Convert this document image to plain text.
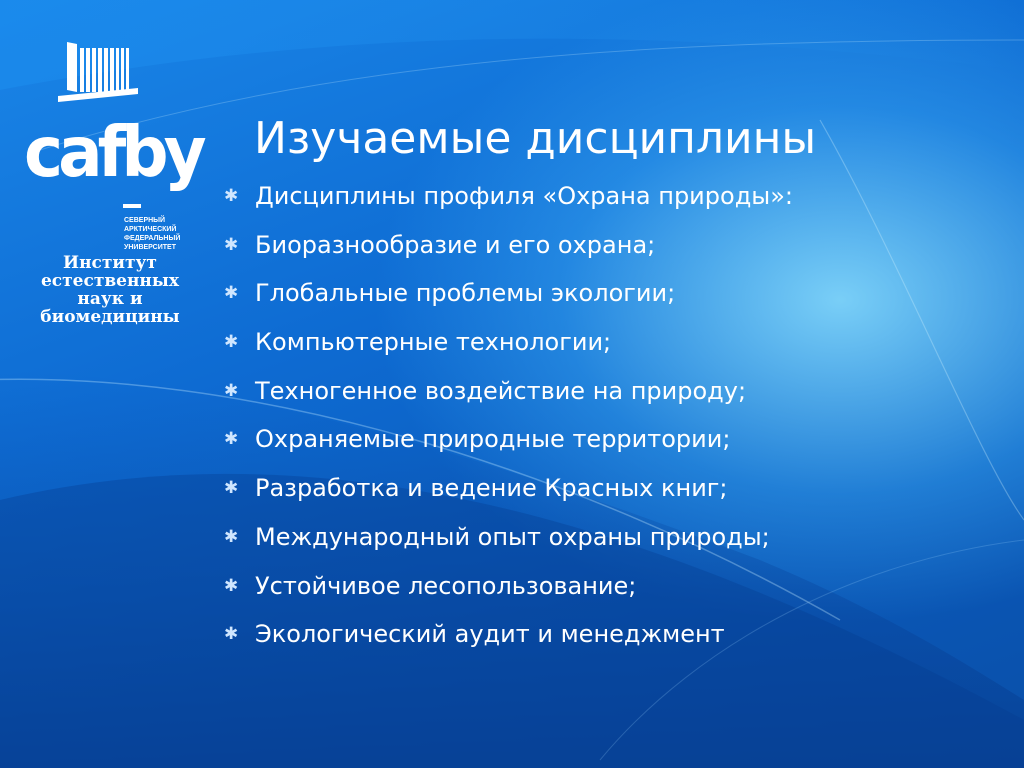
cafby
СЕВЕРНЫЙ
АРКТИЧЕСКИЙ
ФЕДЕРАЛЬНЫЙ
УНИВЕРСИТЕТ
Институт
естественных
наук и
биомедицины
Изучаемые дисциплины
✱ Дисциплины профиля «Охрана природы»:
✱ Биоразнообразие и его охрана;
✱ Глобальные проблемы экологии;
✱ Компьютерные технологии;
✱ Техногенное воздействие на природу;
✱ Охраняемые природные территории;
✱ Разработка и ведение Красных книг;
✱ Международный опыт охраны природы;
✱ Устойчивое лесопользование;
✱ Экологический аудит и менеджмент
